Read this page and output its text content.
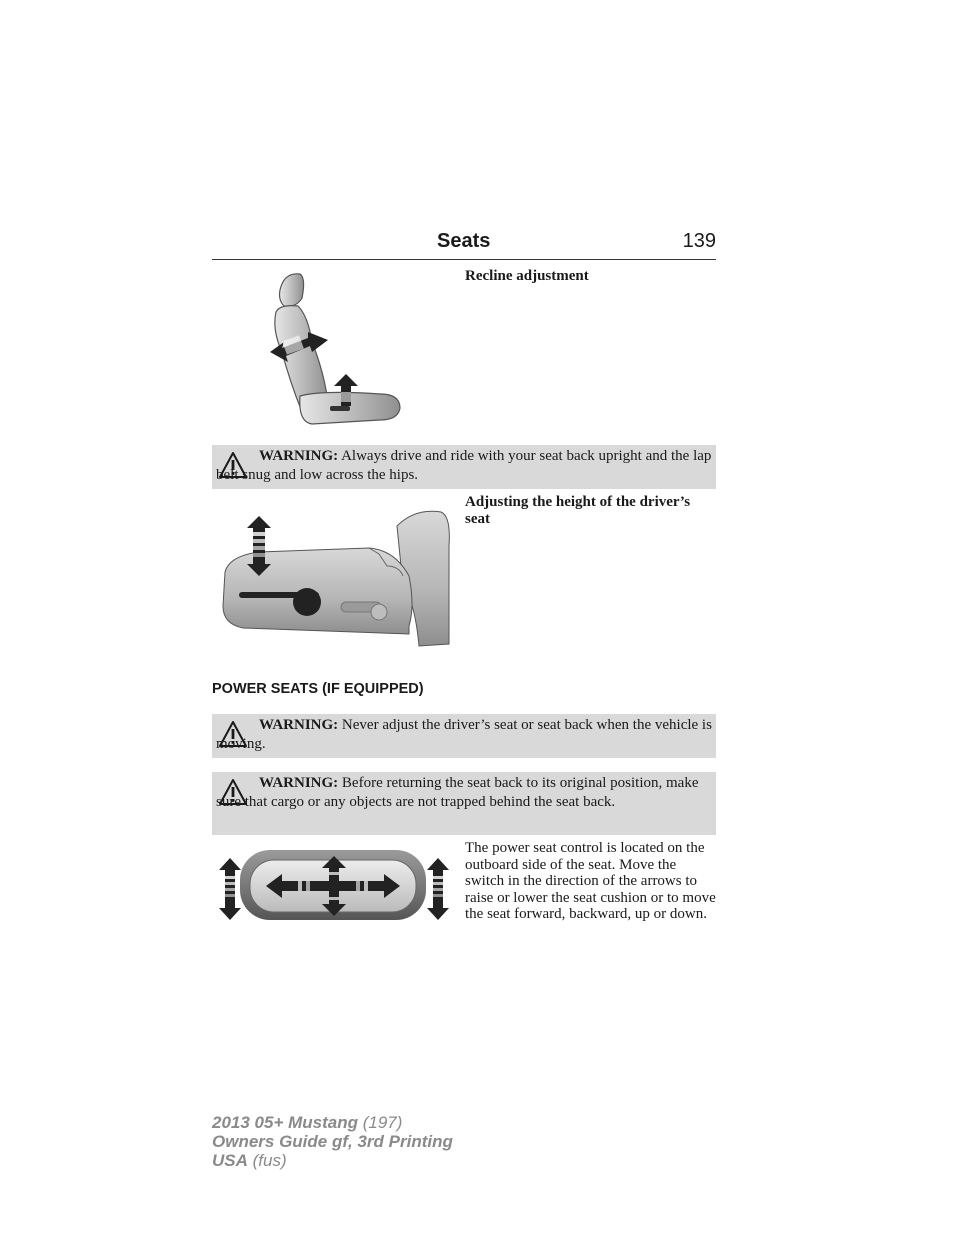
Seats	139
Recline adjustment
WARNING: Always drive and ride with your seat back upright and the lap belt snug and low across the hips.
Adjusting the height of the driver’s seat
POWER SEATS (IF EQUIPPED)
WARNING: Never adjust the driver’s seat or seat back when the vehicle is moving.
WARNING: Before returning the seat back to its original position, make sure that cargo or any objects are not trapped behind the seat back.
The power seat control is located on the outboard side of the seat. Move the switch in the direction of the arrows to raise or lower the seat cushion or to move the seat forward, backward, up or down.
2013 05+ Mustang (197)
Owners Guide gf, 3rd Printing
USA (fus)
